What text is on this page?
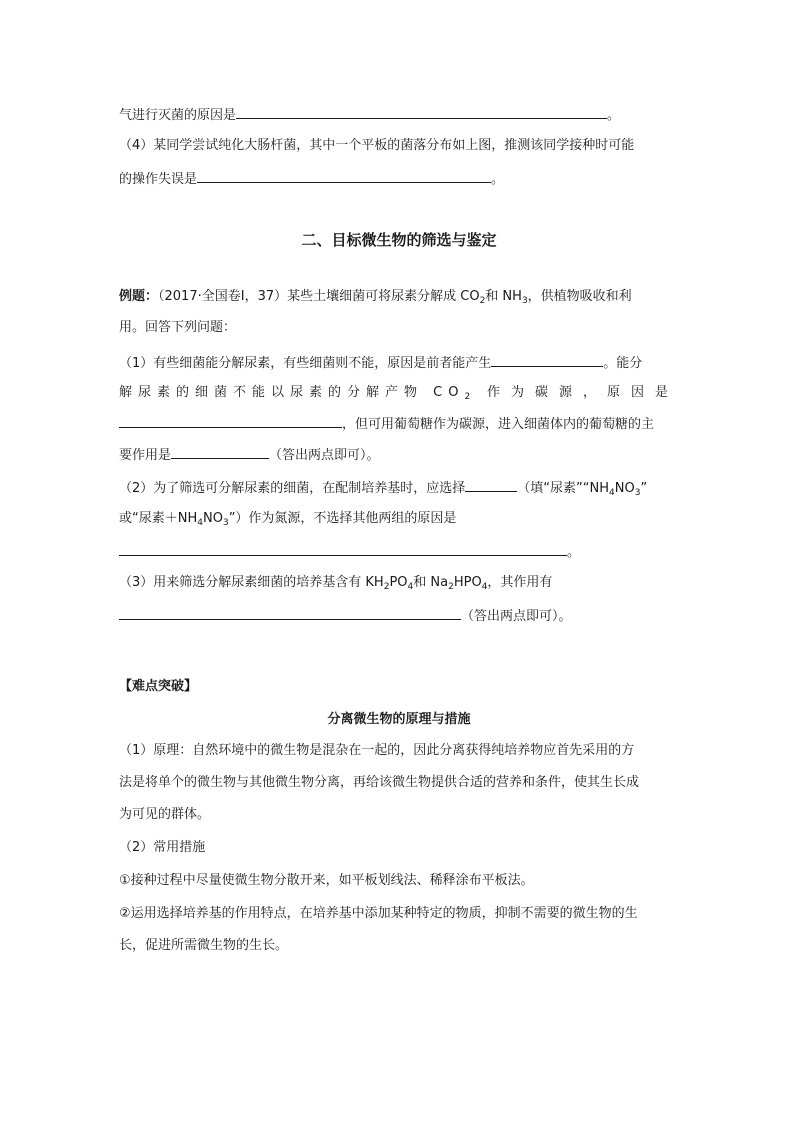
气进行灭菌的原因是	。
（4）某同学尝试纯化大肠杆菌，其中一个平板的菌落分布如上图，推测该同学接种时可能
的操作失误是	。
二、目标微生物的筛选与鉴定
例题：（2017·全国卷Ⅰ，37）某些土壤细菌可将尿素分解成 $CO_2$和 $NH_3$，供植物吸收和利
用。回答下列问题：
（1）有些细菌能分解尿素，有些细菌则不能，原因是前者能产生	。能分
解尿素的细菌不能以尿素的分解产物 $CO_2$ 作为碳源，原因是
，但可用葡萄糖作为碳源，进入细菌体内的葡萄糖的主
要作用是	（答出两点即可）。
（2）为了筛选可分解尿素的细菌，在配制培养基时，应选择	（填“尿素$”“NH_4NO_3$”
或“尿素$+NH_4NO_3$”）作为氮源，不选择其他两组的原因是
。
（3）用来筛选分解尿素细菌的培养基含有 $KH_2PO_4$和 $Na_2HPO_4$，其作用有
（答出两点即可）。
【难点突破】
分离微生物的原理与措施
（1）原理：自然环境中的微生物是混杂在一起的，因此分离获得纯培养物应首先采用的方
法是将单个的微生物与其他微生物分离，再给该微生物提供合适的营养和条件，使其生长成
为可见的群体。
（2）常用措施
①接种过程中尽量使微生物分散开来，如平板划线法、稀释涂布平板法。
②运用选择培养基的作用特点，在培养基中添加某种特定的物质，抑制不需要的微生物的生
长，促进所需微生物的生长。
